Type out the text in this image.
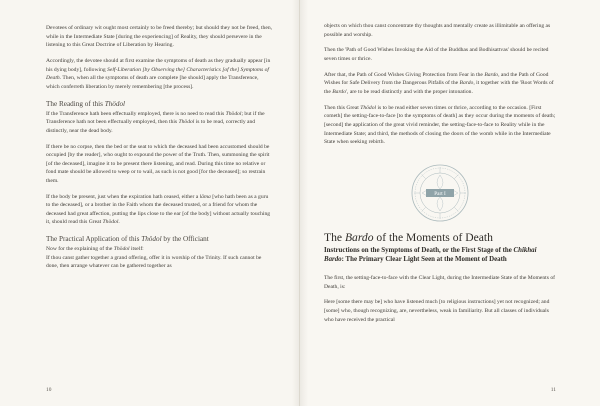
Devotees of ordinary wit ought most certainly to be freed thereby; but should they not be freed, then, while in the Intermediate State [during the experiencing] of Reality, they should persevere in the listening to this Great Doctrine of Liberation by Hearing.

Accordingly, the devotee should at first examine the symptoms of death as they gradually appear [in his dying body], following Self-Liberation [by Observing the] Characteristics [of the] Symptoms of Death. Then, when all the symptoms of death are complete [he should] apply the Transference, which conferreth liberation by merely remembering [the process].

The Reading of this Thödol

If the Transference hath been effectually employed, there is no need to read this Thödol; but if the Transference hath not been effectually employed, then this Thödol is to be read, correctly and distinctly, near the dead body.

If there be no corpse, then the bed or the seat to which the deceased had been accustomed should be occupied [by the reader], who ought to expound the power of the Truth. Then, summoning the spirit [of the deceased], imagine it to be present there listening, and read. During this time no relative or fond mate should be allowed to weep or to wail, as such is not good [for the deceased]; so restrain them.

If the body be present, just when the expiration hath ceased, either a lāma [who hath been as a guru to the deceased], or a brother in the Faith whom the deceased trusted, or a friend for whom the deceased had great affection, putting the lips close to the ear [of the body] without actually touching it, should read this Great Thödol.

The Practical Application of this Thödol by the Officiant

Now for the explaining of the Thödol itself:

If thou canst gather together a grand offering, offer it in worship of the Trinity. If such cannot be done, then arrange whatever can be gathered together as

10

objects on which thou canst concentrate thy thoughts and mentally create as illimitable an offering as possible and worship.

Then the 'Path of Good Wishes Invoking the Aid of the Buddhas and Bodhisattvas' should be recited seven times or thrice.

After that, the Path of Good Wishes Giving Protection from Fear in the Bardo, and the Path of Good Wishes for Safe Delivery from the Dangerous Pitfalls of the Bardo, it together with the 'Root Words of the Bardo', are to be read distinctly and with the proper intonation.

Then this Great Thödol is to be read either seven times or thrice, according to the occasion. [First cometh] the setting-face-to-face [to the symptoms of death] as they occur during the moments of death; [second] the application of the great vivid reminder, the setting-face-to-face to Reality while in the Intermediate State; and third, the methods of closing the doors of the womb while in the Intermediate State when seeking rebirth.

Part I
The Bardo of the Moments of Death
Instructions on the Symptoms of Death, or the First Stage of the Chikhai Bardo: The Primary Clear Light Seen at the Moment of Death

The first, the setting-face-to-face with the Clear Light, during the Intermediate State of the Moments of Death, is:

Here [some there may be] who have listened much [to religious instructions] yet not recognized; and [some] who, though recognizing, are, nevertheless, weak in familiarity. But all classes of individuals who have received the practical

11
